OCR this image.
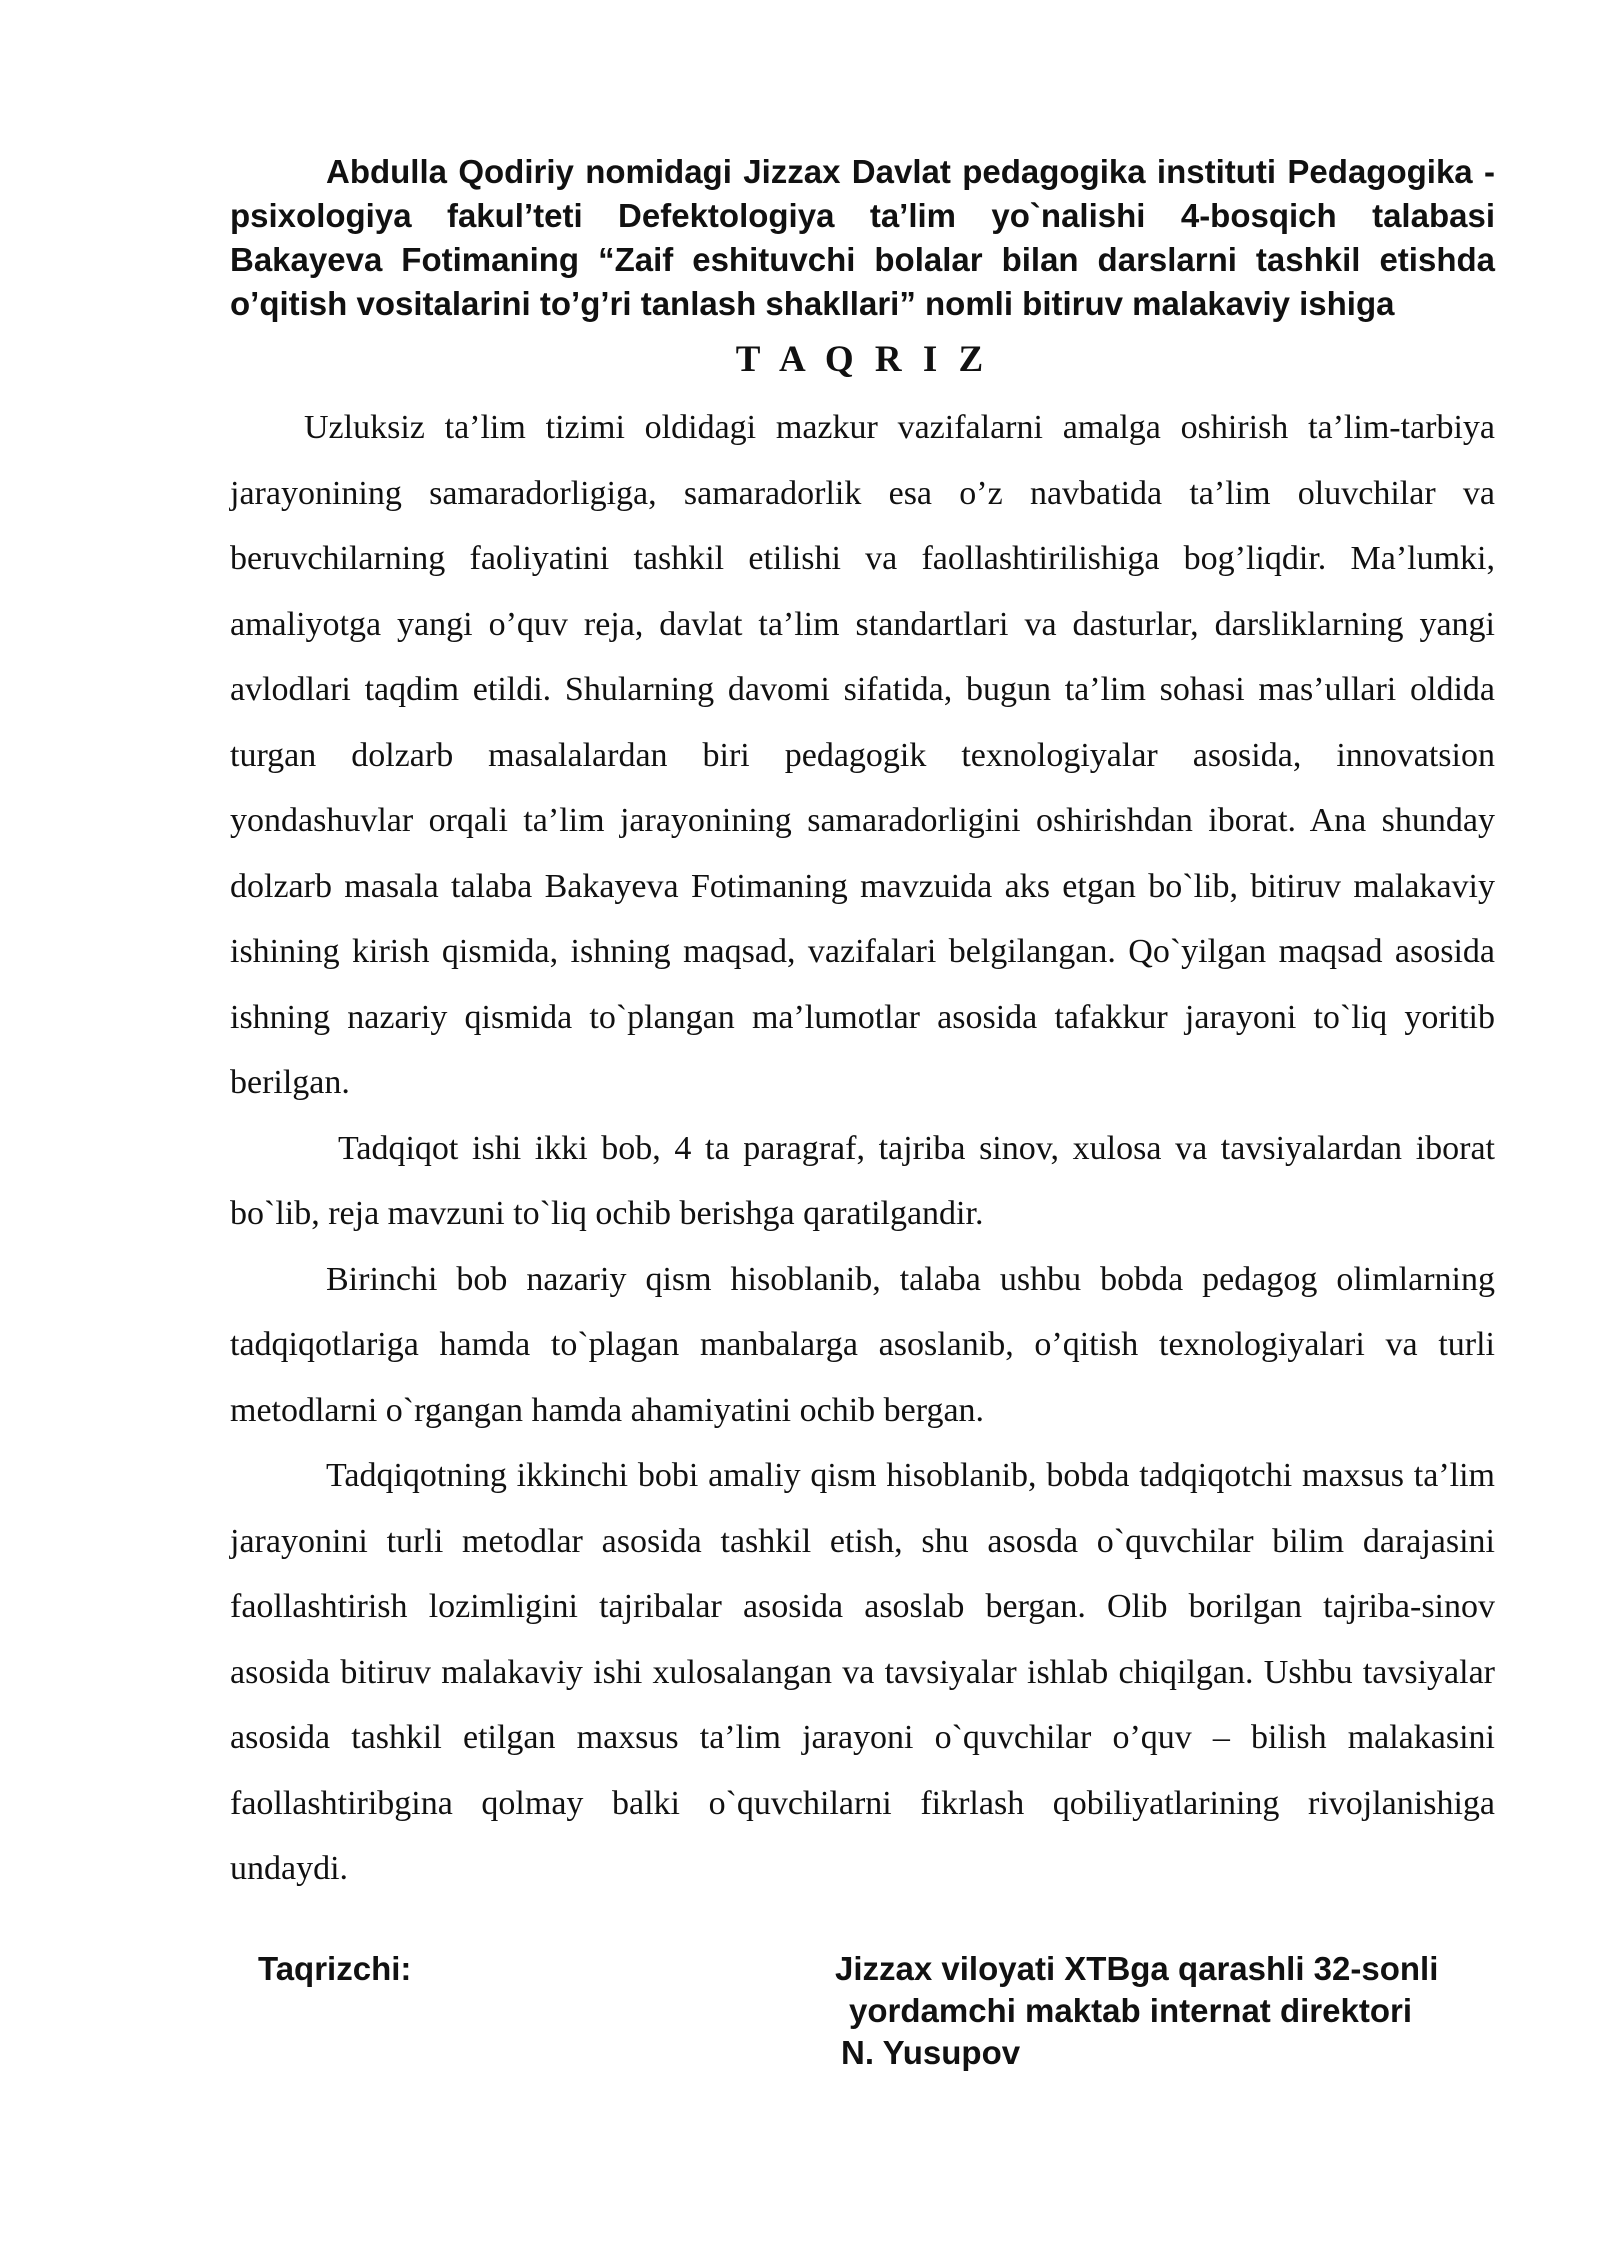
Abdulla Qodiriy nomidagi Jizzax Davlat pedagogika instituti Pedagogika - psixologiya fakul’teti Defektologiya ta’lim yo`nalishi 4-bosqich talabasi Bakayeva Fotimaning “Zaif eshituvchi bolalar bilan darslarni tashkil etishda o’qitish vositalarini to’g’ri tanlash shakllari” nomli bitiruv malakaviy ishiga

T A Q R I Z

Uzluksiz ta’lim tizimi oldidagi mazkur vazifalarni amalga oshirish ta’lim-tarbiya jarayonining samaradorligiga, samaradorlik esa o’z navbatida ta’lim oluvchilar va beruvchilarning faoliyatini tashkil etilishi va faollashtirilishiga bog’liqdir. Ma’lumki, amaliyotga yangi o’quv reja, davlat ta’lim standartlari va dasturlar, darsliklarning yangi avlodlari taqdim etildi. Shularning davomi sifatida, bugun ta’lim sohasi mas’ullari oldida turgan dolzarb masalalardan biri pedagogik texnologiyalar asosida, innovatsion yondashuvlar orqali ta’lim jarayonining samaradorligini oshirishdan iborat. Ana shunday dolzarb masala talaba Bakayeva Fotimaning mavzuida aks etgan bo`lib, bitiruv malakaviy ishining kirish qismida, ishning maqsad, vazifalari belgilangan. Qo`yilgan maqsad asosida ishning nazariy qismida to`plangan ma’lumotlar asosida tafakkur jarayoni to`liq yoritib berilgan.

Tadqiqot ishi ikki bob, 4 ta paragraf, tajriba sinov, xulosa va tavsiyalardan iborat bo`lib, reja mavzuni to`liq ochib berishga qaratilgandir.

Birinchi bob nazariy qism hisoblanib, talaba ushbu bobda pedagog olimlarning tadqiqotlariga hamda to`plagan manbalarga asoslanib, o’qitish texnologiyalari va turli metodlarni o`rgangan hamda ahamiyatini ochib bergan.

Tadqiqotning ikkinchi bobi amaliy qism hisoblanib, bobda tadqiqotchi maxsus ta’lim jarayonini turli metodlar asosida tashkil etish, shu asosda o`quvchilar bilim darajasini faollashtirish lozimligini tajribalar asosida asoslab bergan. Olib borilgan tajriba-sinov asosida bitiruv malakaviy ishi xulosalangan va tavsiyalar ishlab chiqilgan. Ushbu tavsiyalar asosida tashkil etilgan maxsus ta’lim jarayoni o`quvchilar o’quv – bilish malakasini faollashtiribgina qolmay balki o`quvchilarni fikrlash qobiliyatlarining rivojlanishiga undaydi.

Taqrizchi:	Jizzax viloyati XTBga qarashli 32-sonli
yordamchi maktab internat direktori
N. Yusupov
